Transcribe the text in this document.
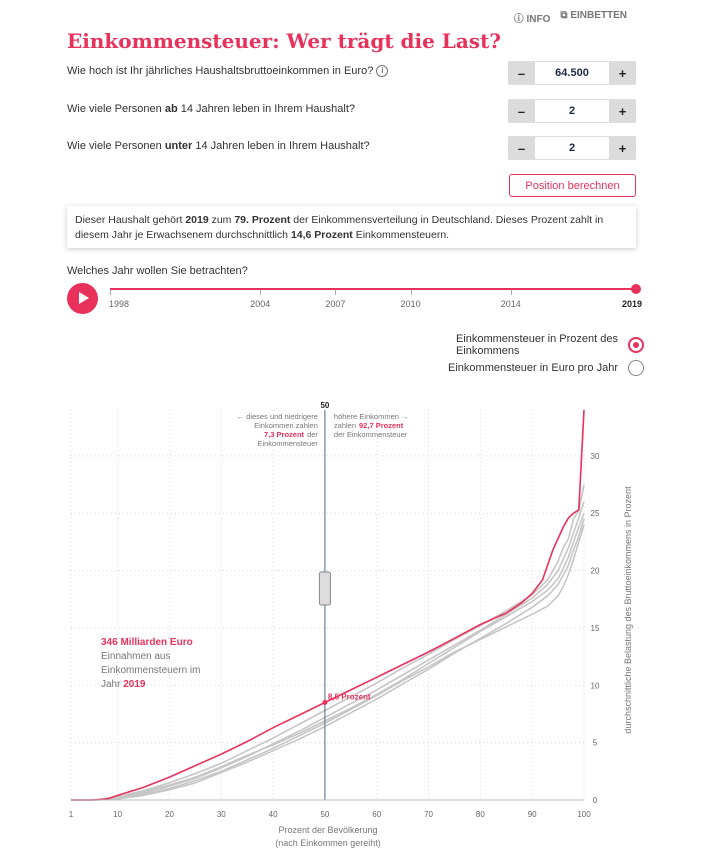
ⓘ INFO ⧉ EINBETTEN
Einkommensteuer: Wer trägt die Last?
Wie hoch ist Ihr jährliches Haushaltsbruttoeinkommen in Euro? i	–	64.500	+
Wie viele Personen ab 14 Jahren leben in Ihrem Haushalt?	–	2	+
Wie viele Personen unter 14 Jahren leben in Ihrem Haushalt?	–	2	+
Position berechnen
Dieser Haushalt gehört 2019 zum 79. Prozent der Einkommensverteilung in Deutschland. Dieses Prozent zahlt in diesem Jahr je Erwachsenem durchschnittlich 14,6 Prozent Einkommensteuern.
Welches Jahr wollen Sie betrachten?
1998	2004	2007	2010	2014	2019
Einkommensteuer in Prozent des
Einkommens
Einkommensteuer in Euro pro Jahr
50
← dieses und niedrigere
Einkommen zahlen
7,3 Prozent der
Einkommensteuer
höhere Einkommen →
zahlen 92,7 Prozent
der Einkommensteuer
8,5 Prozent
346 Milliarden Euro
Einnahmen aus
Einkommensteuern im
Jahr 2019
1	10	20	30	40	50	60	70	80	90	100
0
5
10
15
20
25
30
Prozent der Bevölkerung
(nach Einkommen gereiht)
durchschnittliche Belastung des Bruttoeinkommens in Prozent
